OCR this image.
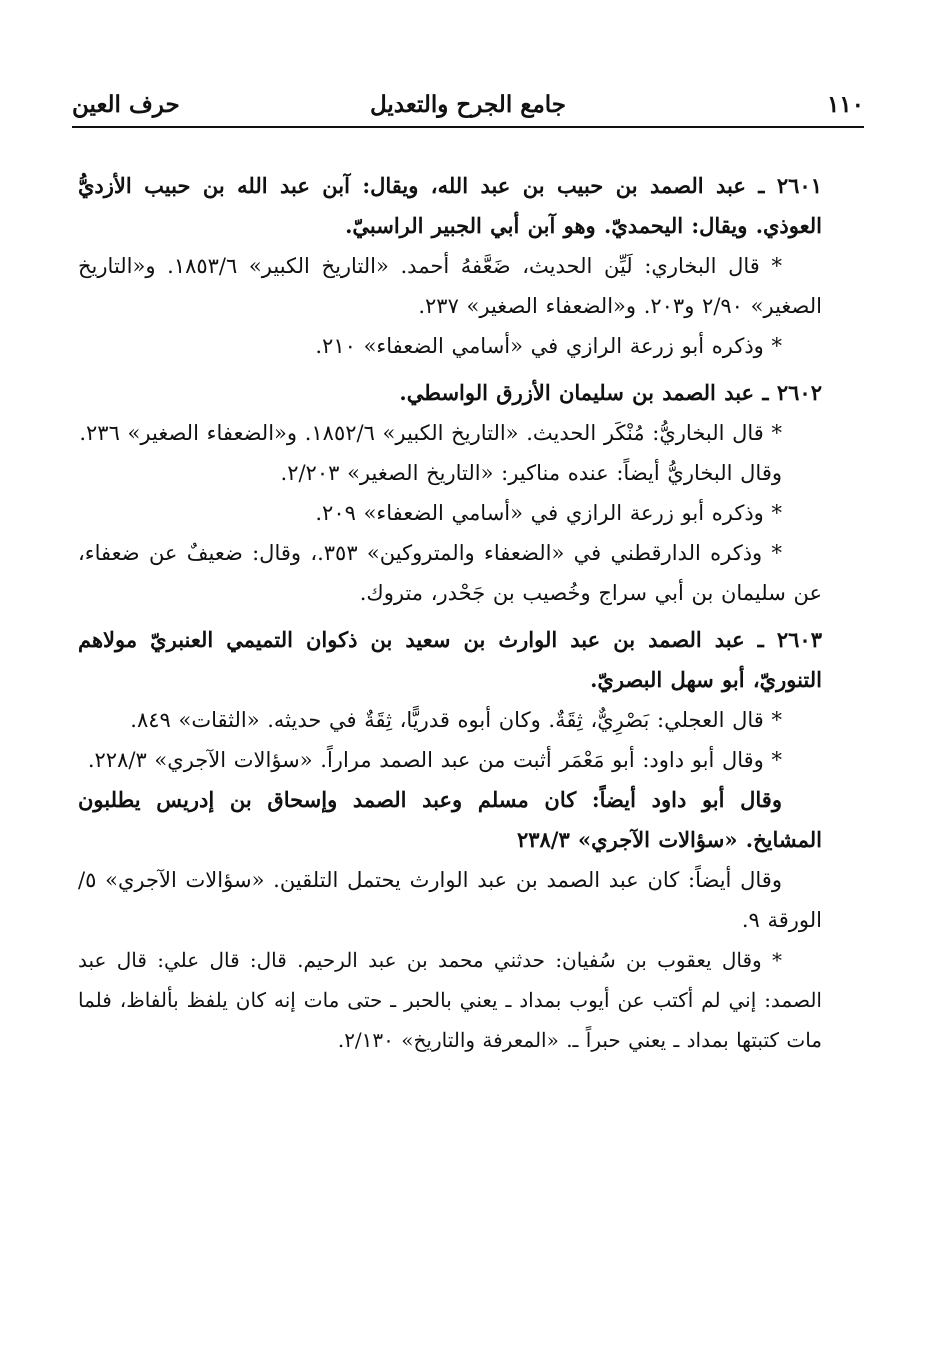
١١٠
جامع الجرح والتعديل
حرف العين

٢٦٠١ ـ عبد الصمد بن حبيب بن عبد الله، ويقال: آبن عبد الله بن حبيب الأزديُّ العوذي. ويقال: اليحمديّ. وهو آبن أبي الجبير الراسبيّ.

* قال البخاري: لَيِّن الحديث، ضَعَّفهُ أحمد. «التاريخ الكبير» ١٨٥٣/٦. و«التاريخ الصغير» ٢/٩٠ و٢٠٣. و«الضعفاء الصغير» ٢٣٧.

* وذكره أبو زرعة الرازي في «أسامي الضعفاء» ٢١٠.

٢٦٠٢ ـ عبد الصمد بن سليمان الأزرق الواسطي.

* قال البخاريُّ: مُنْكَر الحديث. «التاريخ الكبير» ١٨٥٢/٦. و«الضعفاء الصغير» ٢٣٦.

وقال البخاريُّ أيضاً: عنده مناكير: «التاريخ الصغير» ٢/٢٠٣.

* وذكره أبو زرعة الرازي في «أسامي الضعفاء» ٢٠٩.

* وذكره الدارقطني في «الضعفاء والمتروكين» ٣٥٣.، وقال: ضعيفٌ عن ضعفاء، عن سليمان بن أبي سراج وخُصيب بن جَحْدر، متروك.

٢٦٠٣ ـ عبد الصمد بن عبد الوارث بن سعيد بن ذكوان التميمي العنبريّ مولاهم التنوريّ، أبو سهل البصريّ.

* قال العجلي: بَصْرِيٌّ، ثِقَةٌ. وكان أبوه قدريًّا، ثِقَةٌ في حديثه. «الثقات» ٨٤٩.

* وقال أبو داود: أبو مَعْمَر أثبت من عبد الصمد مراراً. «سؤالات الآجري» ٢٢٨/٣.

وقال أبو داود أيضاً: كان مسلم وعبد الصمد وإسحاق بن إدريس يطلبون المشايخ. «سؤالات الآجري» ٢٣٨/٣

وقال أيضاً: كان عبد الصمد بن عبد الوارث يحتمل التلقين. «سؤالات الآجري» ٥/ الورقة ٩.

* وقال يعقوب بن سُفيان: حدثني محمد بن عبد الرحيم. قال: قال علي: قال عبد الصمد: إني لم أكتب عن أيوب بمداد ـ يعني بالحبر ـ حتى مات إنه كان يلفظ بألفاظ، فلما مات كتبتها بمداد ـ يعني حبراً ـ. «المعرفة والتاريخ» ٢/١٣٠.
